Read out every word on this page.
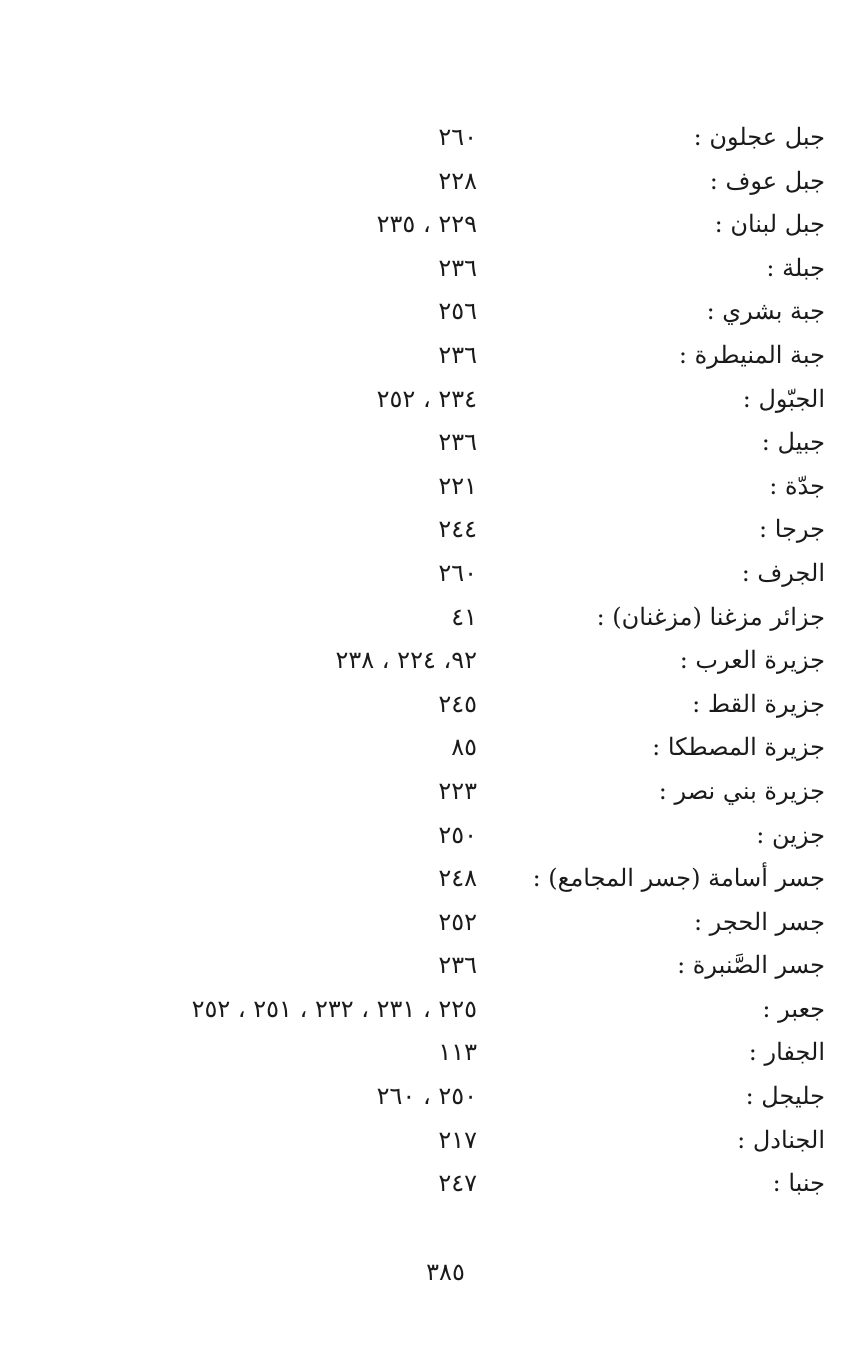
جبل عجلون :
٢٦٠
جبل عوف :
٢٢٨
جبل لبنان :
٢٢٩ ، ٢٣٥
جبلة :
٢٣٦
جبة بشري :
٢٥٦
جبة المنيطرة :
٢٣٦
الجبّول :
٢٣٤ ، ٢٥٢
جبيل :
٢٣٦
جدّة :
٢٢١
جرجا :
٢٤٤
الجرف :
٢٦٠
جزائر مزغنا (مزغنان) :
٤١
جزيرة العرب :
٩٢، ٢٢٤ ، ٢٣٨
جزيرة القط :
٢٤٥
جزيرة المصطكا :
٨٥
جزيرة بني نصر :
٢٢٣
جزين :
٢٥٠
جسر أسامة (جسر المجامع) :
٢٤٨
جسر الحجر :
٢٥٢
جسر الصَّنبرة :
٢٣٦
جعبر :
٢٢٥ ، ٢٣١ ، ٢٣٢ ، ٢٥١ ، ٢٥٢
الجفار :
١١٣
جليجل :
٢٥٠ ، ٢٦٠
الجنادل :
٢١٧
جنبا :
٢٤٧
٣٨٥
